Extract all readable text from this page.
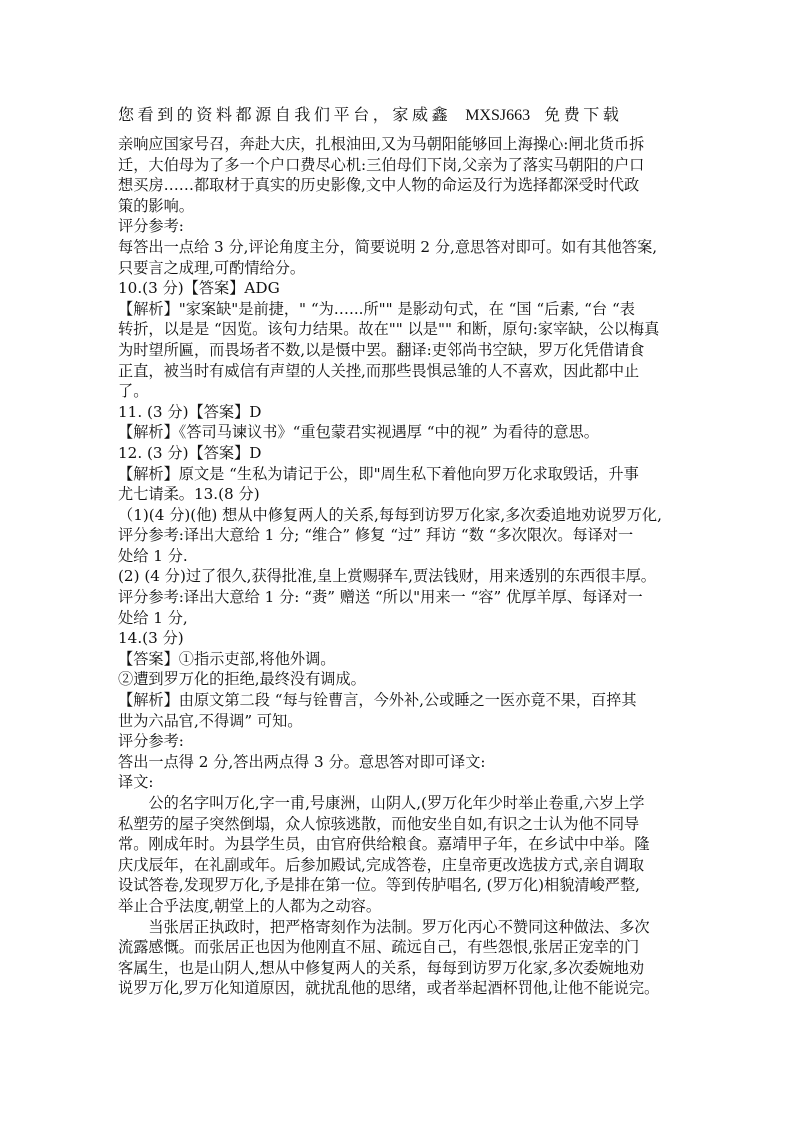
您看到的资料都源自我们平台，家威鑫 MXSJ663 免费下载

亲响应国家号召，奔赴大庆，扎根油田,又为马朝阳能够回上海操心:闸北货币拆

迁，大伯母为了多一个户口费尽心机:三伯母们下岗,父亲为了落实马朝阳的户口

想买房……都取材于真实的历史影像,文中人物的命运及行为选择都深受时代政

策的影响。

评分参考:

每答出一点给 3 分,评论角度主分，简要说明 2 分,意思答对即可。如有其他答案,

只要言之成理,可酌情给分。

10.(3 分)【答案】ADG

【解析】"家案缺"是前捷，" “为…...所"" 是影动句式，在 “国 “后素, “台 “表

转折，以是是 “因览。该句力结果。故在"" 以是"" 和断，原句:家宰缺，公以梅真

为时望所匾，而畏场者不数,以是慑中罢。翻译:吏邻尚书空缺，罗万化凭借请食

正直，被当时有威信有声望的人关挫,而那些畏惧忌雏的人不喜欢，因此都中止

了。

11. (3 分)【答案】D

【解析】《答司马谏议书》“重包蒙君实视遇厚 “中的视” 为看待的意思。

12. (3 分)【答案】D

【解析】原文是 “生私为请记于公，即"周生私下着他向罗万化求取毁话，升事

尤七请柔。13.(8 分)

（1)(4 分)(他) 想从中修复两人的关系,每每到访罗万化家,多次委追地劝说罗万化,

评分参考:译出大意给 1 分; “维合” 修复 “过” 拜访 “数 “多次限次。每译对一

处给 1 分.

(2) (4 分)过了很久,获得批准,皇上赏赐驿车,贾法钱财，用来透别的东西很丰厚。

评分参考:译出大意给 1 分: “赉” 赠送 “所以"用来一 “容” 优厚羊厚、每译对一

处给 1 分,

14.(3 分)

【答案】①指示吏部,将他外调。

②遭到罗万化的拒绝,最终没有调成。

【解析】由原文第二段 “每与铨曹言，今外补,公或睡之一医亦竟不果，百捽其

世为六品官,不得调” 可知。

评分参考:

答出一点得 2 分,答出两点得 3 分。意思答对即可译文:

译文:

公的名字叫万化,字一甫,号康洲，山阴人,(罗万化年少时举止卷重,六岁上学

私塑劳的屋子突然倒塌，众人惊骇逃散，而他安坐自如,有识之士认为他不同导

常。刚成年时。为县学生员，由官府供给粮食。嘉靖甲子年，在乡试中中举。隆

庆戊辰年，在礼副或年。后参加殿试,完成答卷，庄皇帝更改选拔方式,亲自调取

设试答卷,发现罗万化,予是排在第一位。等到传胪唱名, (罗万化)相貌清峻严整,

举止合乎法度,朝堂上的人都为之动容。

当张居正执政时，把严格寄刻作为法制。罗万化丙心不赞同这种做法、多次

流露感慨。而张居正也因为他刚直不屈、疏远自己，有些怨恨,张居正宠幸的门

客属生，也是山阴人,想从中修复两人的关系，每每到访罗万化家,多次委婉地劝

说罗万化,罗万化知道原因，就扰乱他的思绪，或者举起酒杯罚他,让他不能说完。
